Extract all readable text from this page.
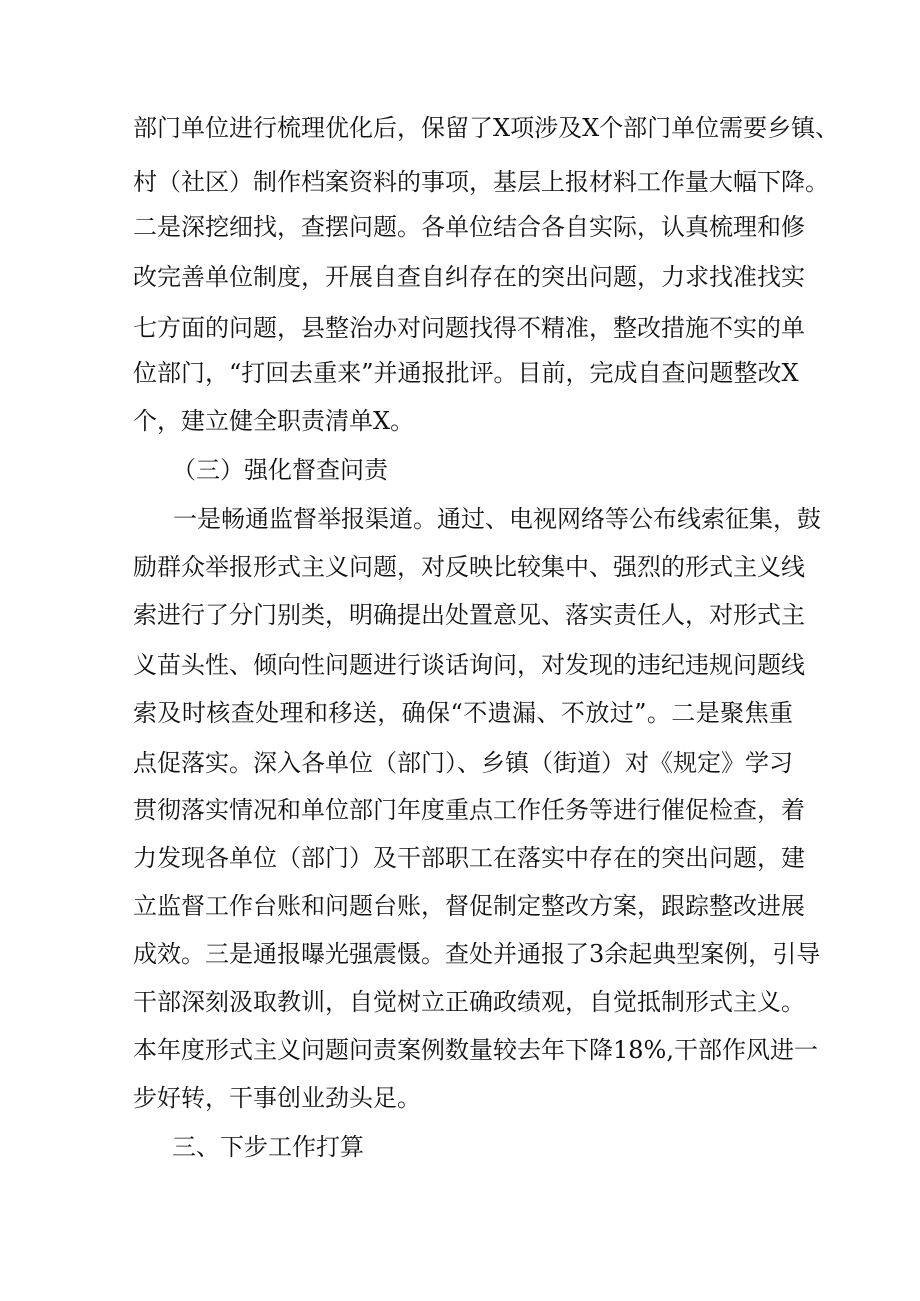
部门单位进行梳理优化后，保留了X项涉及X个部门单位需要乡镇、
村（社区）制作档案资料的事项，基层上报材料工作量大幅下降。
二是深挖细找，查摆问题。各单位结合各自实际，认真梳理和修
改完善单位制度，开展自查自纠存在的突出问题，力求找准找实
七方面的问题，县整治办对问题找得不精准，整改措施不实的单
位部门，“打回去重来”并通报批评。目前，完成自查问题整改X
个，建立健全职责清单X。
（三）强化督查问责
一是畅通监督举报渠道。通过、电视网络等公布线索征集，鼓
励群众举报形式主义问题，对反映比较集中、强烈的形式主义线
索进行了分门别类，明确提出处置意见、落实责任人，对形式主
义苗头性、倾向性问题进行谈话询问，对发现的违纪违规问题线
索及时核查处理和移送，确保“不遗漏、不放过”。二是聚焦重
点促落实。深入各单位（部门）、乡镇（街道）对《规定》学习
贯彻落实情况和单位部门年度重点工作任务等进行催促检查，着
力发现各单位（部门）及干部职工在落实中存在的突出问题，建
立监督工作台账和问题台账，督促制定整改方案，跟踪整改进展
成效。三是通报曝光强震慑。查处并通报了3余起典型案例，引导
干部深刻汲取教训，自觉树立正确政绩观，自觉抵制形式主义。
本年度形式主义问题问责案例数量较去年下降18%,干部作风进一
步好转，干事创业劲头足。
三、下步工作打算
